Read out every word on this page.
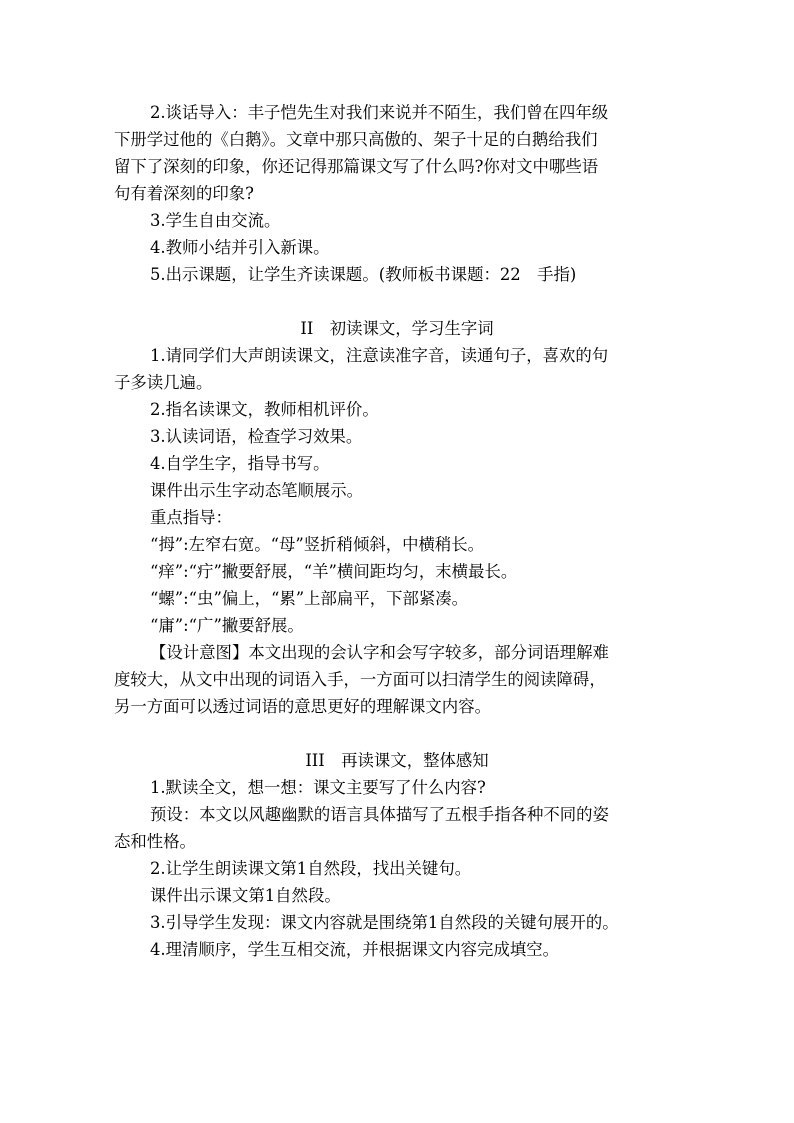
2.谈话导入：丰子恺先生对我们来说并不陌生，我们曾在四年级
下册学过他的《白鹅》。文章中那只高傲的、架子十足的白鹅给我们
留下了深刻的印象，你还记得那篇课文写了什么吗?你对文中哪些语
句有着深刻的印象?
3.学生自由交流。
4.教师小结并引入新课。
5.出示课题，让学生齐读课题。(教师板书课题：22　手指)
II　初读课文，学习生字词
1.请同学们大声朗读课文，注意读准字音，读通句子，喜欢的句
子多读几遍。
2.指名读课文，教师相机评价。
3.认读词语，检查学习效果。
4.自学生字，指导书写。
课件出示生字动态笔顺展示。
重点指导：
“拇”:左窄右宽。“母”竖折稍倾斜，中横稍长。
“痒”:“疔”撇要舒展，“羊”横间距均匀，末横最长。
“螺”:“虫”偏上，“累”上部扁平，下部紧凑。
“庸”:“广”撇要舒展。
【设计意图】本文出现的会认字和会写字较多，部分词语理解难
度较大，从文中出现的词语入手，一方面可以扫清学生的阅读障碍，
另一方面可以透过词语的意思更好的理解课文内容。
III　再读课文，整体感知
1.默读全文，想一想：课文主要写了什么内容?
预设：本文以风趣幽默的语言具体描写了五根手指各种不同的姿
态和性格。
2.让学生朗读课文第1自然段，找出关键句。
课件出示课文第1自然段。
3.引导学生发现：课文内容就是围绕第1自然段的关键句展开的。
4.理清顺序，学生互相交流，并根据课文内容完成填空。
